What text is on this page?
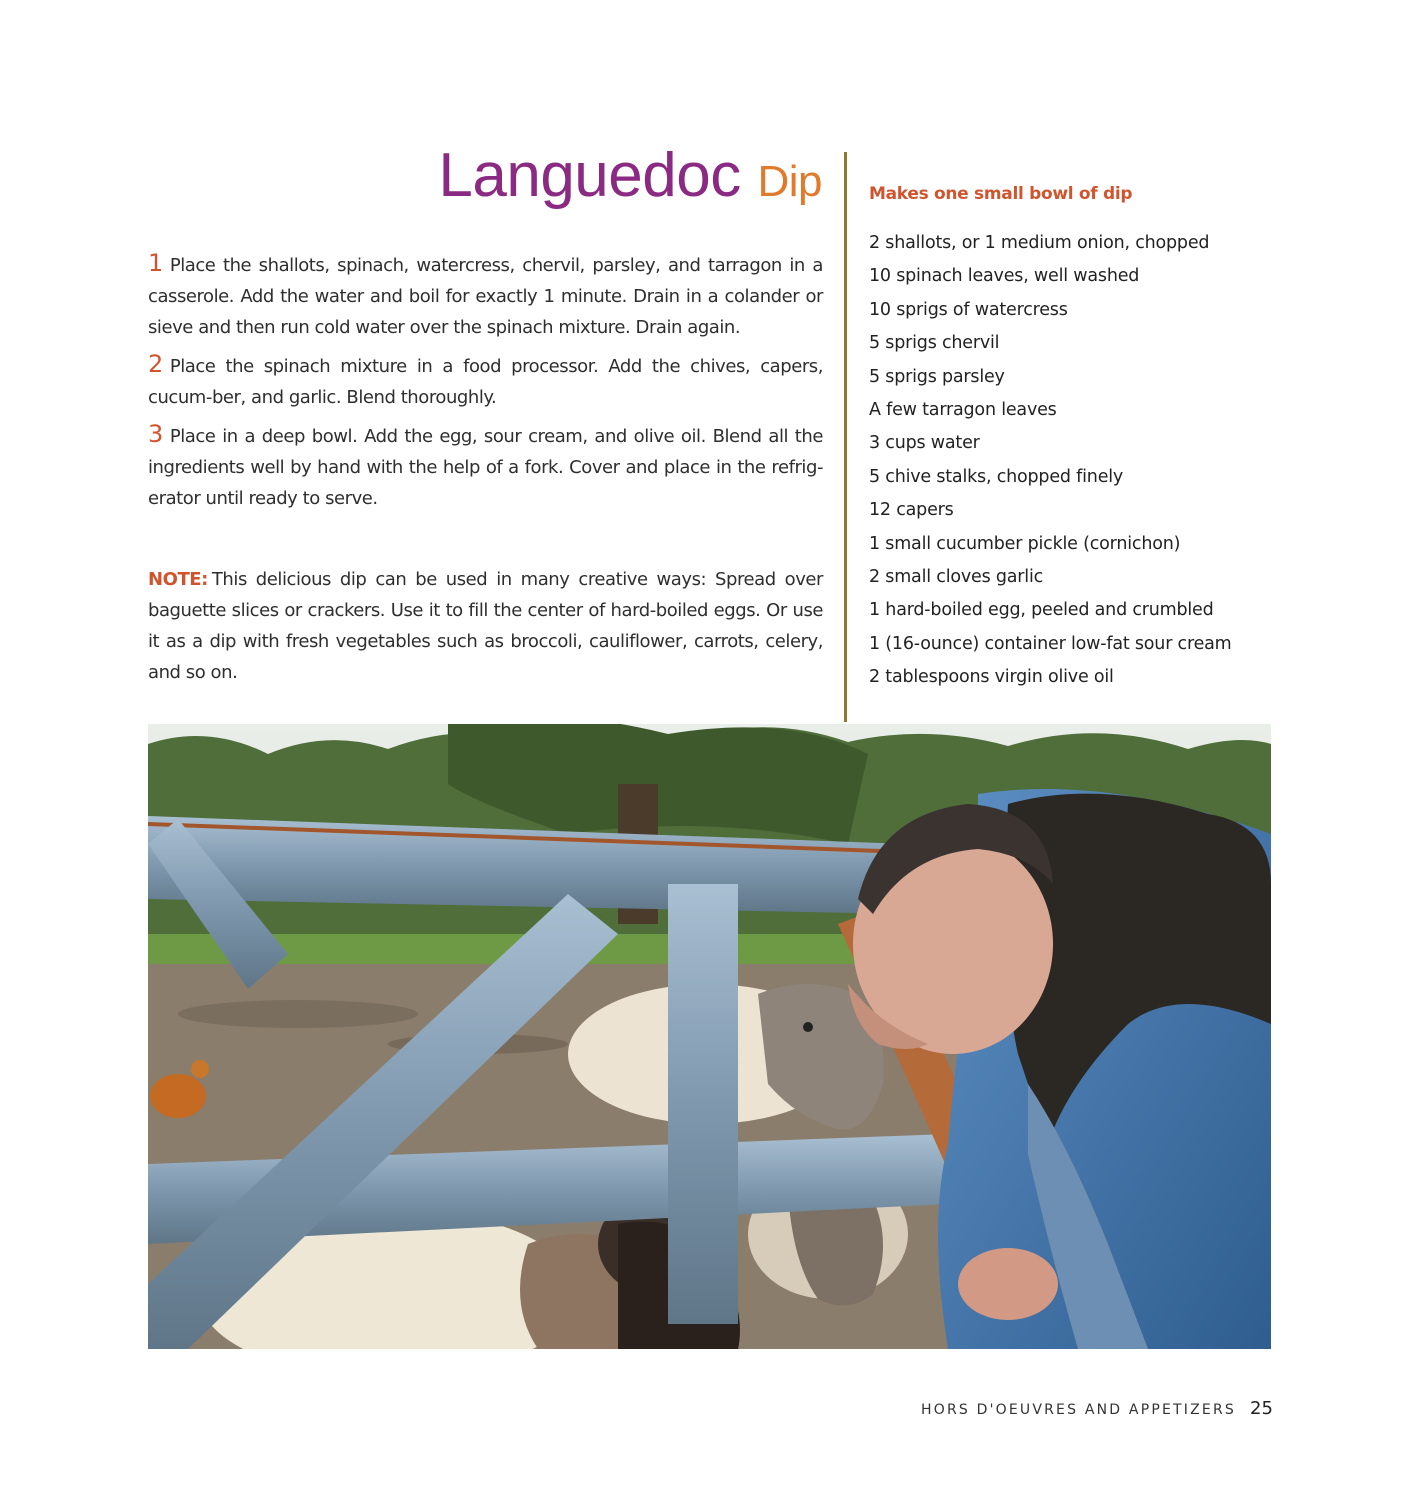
Languedoc Dip

1 Place the shallots, spinach, watercress, chervil, parsley, and tarragon in a casserole. Add the water and boil for exactly 1 minute. Drain in a colander or sieve and then run cold water over the spinach mixture. Drain again.

2 Place the spinach mixture in a food processor. Add the chives, capers, cucum-ber, and garlic. Blend thoroughly.

3 Place in a deep bowl. Add the egg, sour cream, and olive oil. Blend all the ingredients well by hand with the help of a fork. Cover and place in the refrig-erator until ready to serve.

NOTE: This delicious dip can be used in many creative ways: Spread over baguette slices or crackers. Use it to fill the center of hard-boiled eggs. Or use it as a dip with fresh vegetables such as broccoli, cauliflower, carrots, celery, and so on.

Makes one small bowl of dip

2 shallots, or 1 medium onion, chopped
10 spinach leaves, well washed
10 sprigs of watercress
5 sprigs chervil
5 sprigs parsley
A few tarragon leaves
3 cups water
5 chive stalks, chopped finely
12 capers
1 small cucumber pickle (cornichon)
2 small cloves garlic
1 hard-boiled egg, peeled and crumbled
1 (16-ounce) container low-fat sour cream
2 tablespoons virgin olive oil

HORS D'OEUVRES AND APPETIZERS 25
